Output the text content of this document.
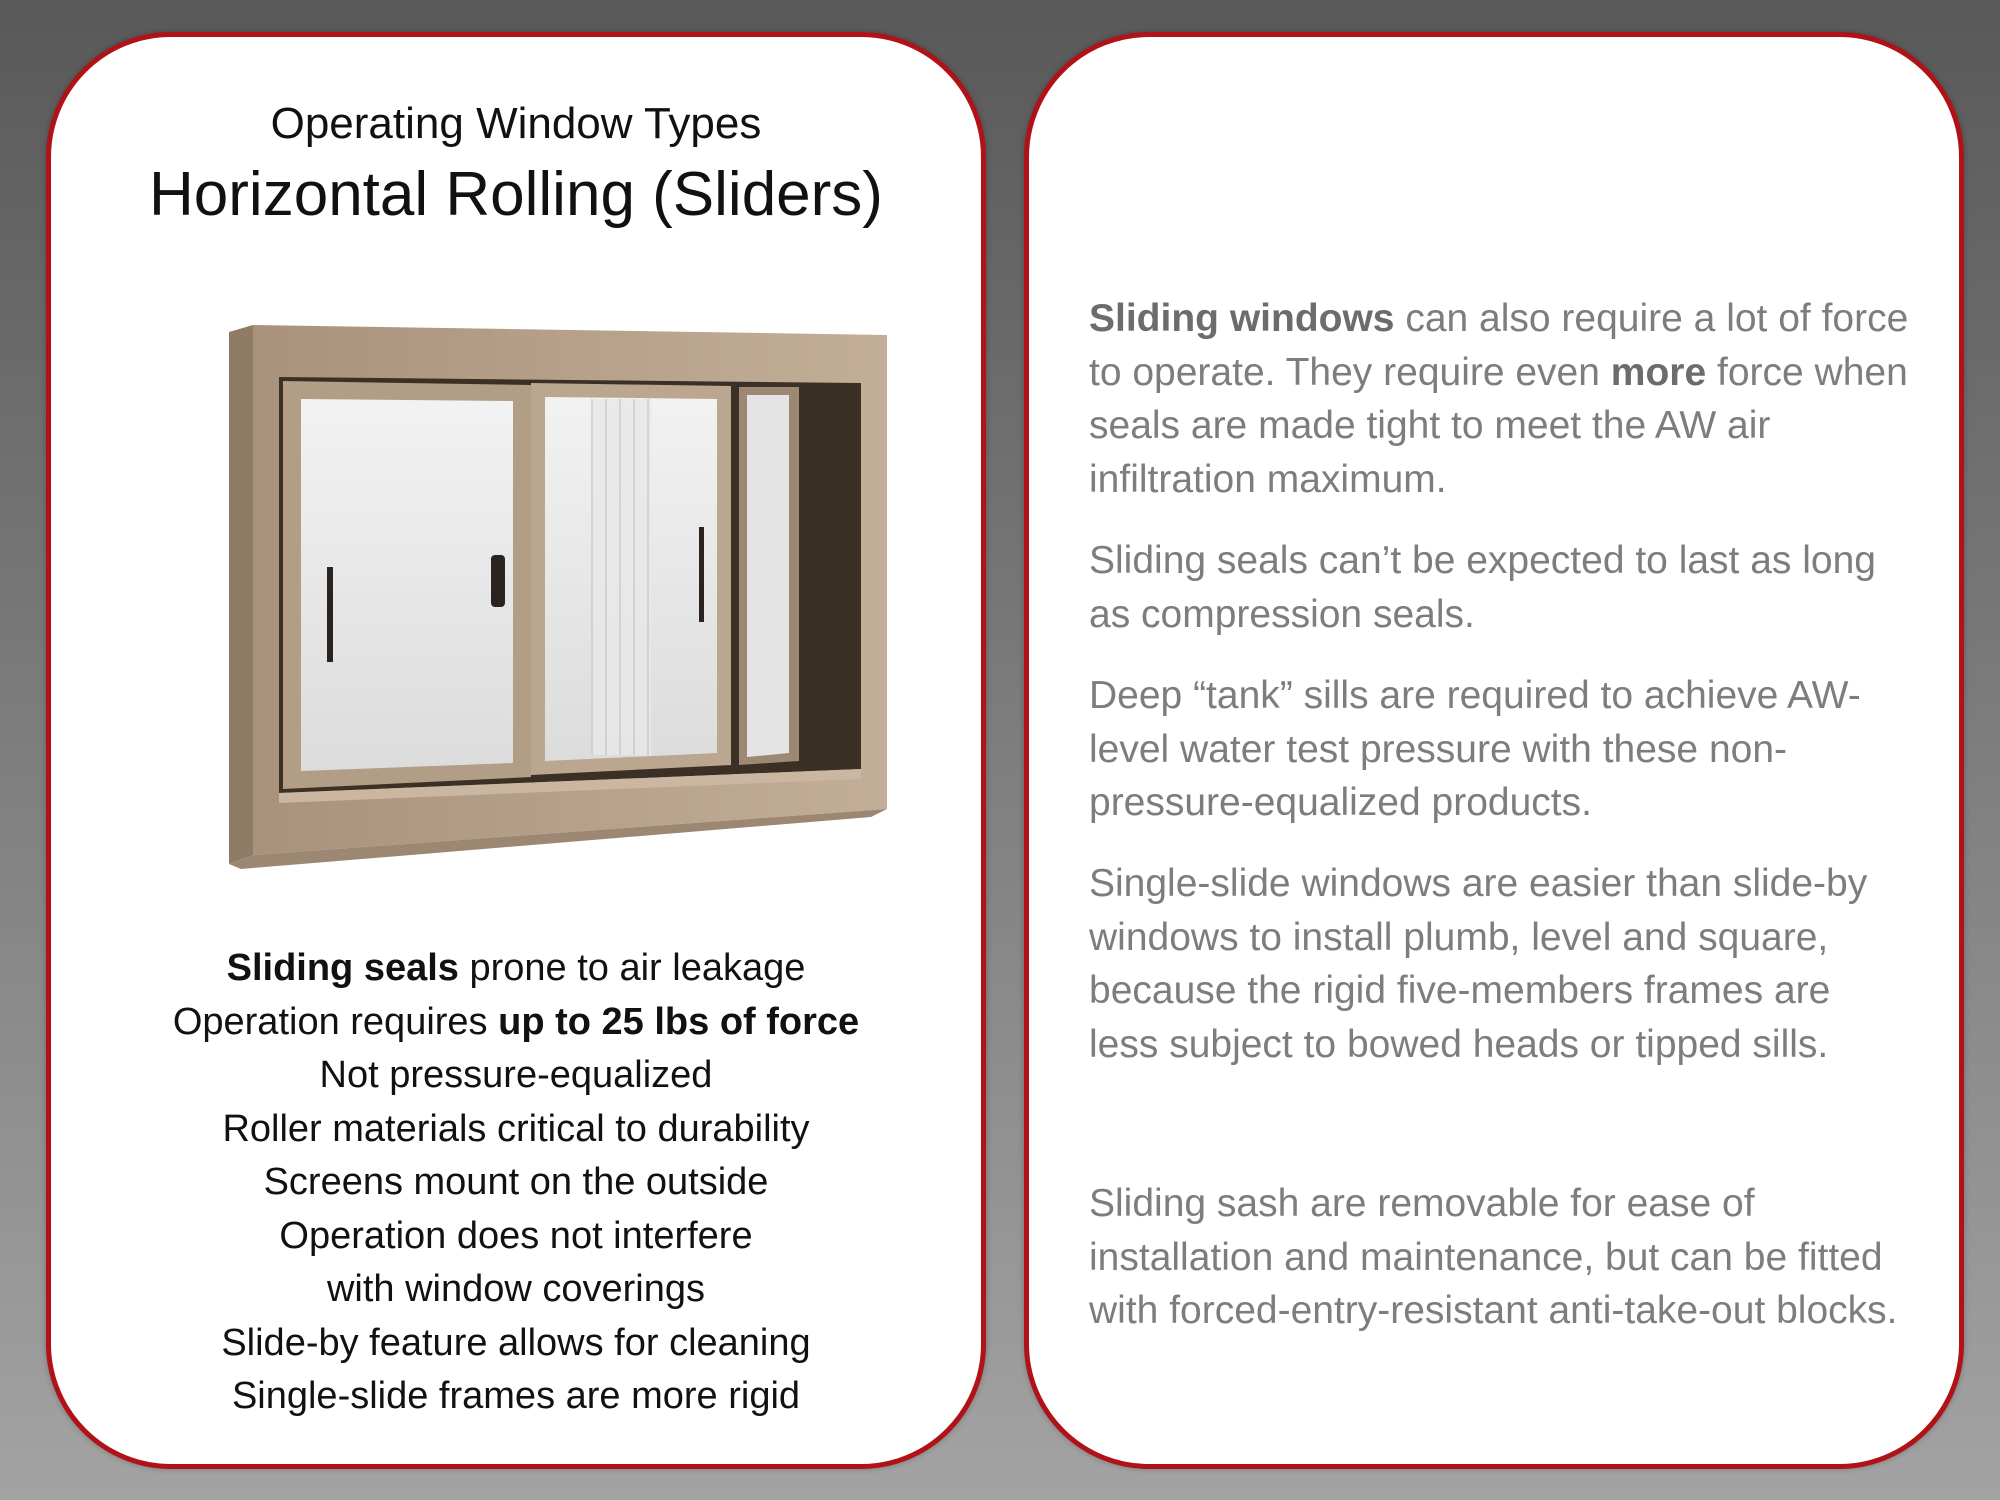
Operating Window Types
Horizontal Rolling (Sliders)
Sliding seals prone to air leakage
Operation requires up to 25 lbs of force
Not pressure-equalized
Roller materials critical to durability
Screens mount on the outside
Operation does not interfere
with window coverings
Slide-by feature allows for cleaning
Single-slide frames are more rigid

Sliding windows can also require a lot of force to operate. They require even more force when seals are made tight to meet the AW air infiltration maximum.

Sliding seals can’t be expected to last as long as compression seals.

Deep “tank” sills are required to achieve AW-level water test pressure with these non-pressure-equalized products.

Single-slide windows are easier than slide-by windows to install plumb, level and square, because the rigid five-members frames are less subject to bowed heads or tipped sills.

Sliding sash are removable for ease of installation and maintenance, but can be fitted with forced-entry-resistant anti-take-out blocks.
